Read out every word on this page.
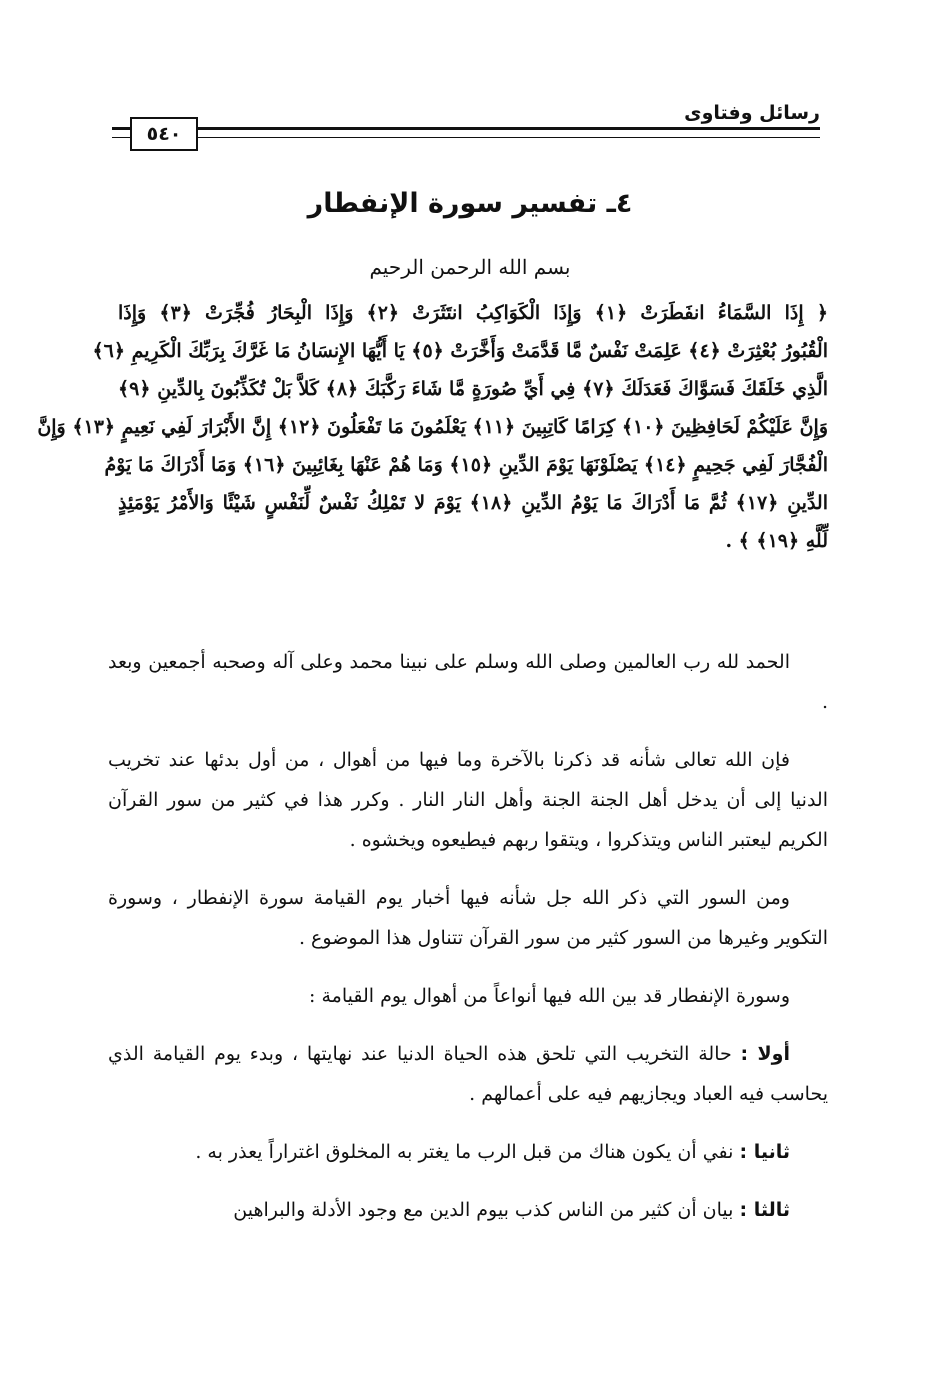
رسائل وفتاوى
٥٤٠
٤ـ تفسير سورة الإنفطار
بسم الله الرحمن الرحيم
﴿ إِذَا السَّمَاءُ انفَطَرَتْ ﴿١﴾ وَإِذَا الْكَوَاكِبُ انتَثَرَتْ ﴿٢﴾ وَإِذَا الْبِحَارُ فُجِّرَتْ ﴿٣﴾ وَإِذَا
الْقُبُورُ بُعْثِرَتْ ﴿٤﴾ عَلِمَتْ نَفْسٌ مَّا قَدَّمَتْ وَأَخَّرَتْ ﴿٥﴾ يَا أَيُّهَا الإِنسَانُ مَا غَرَّكَ بِرَبِّكَ الْكَرِيمِ ﴿٦﴾
الَّذِي خَلَقَكَ فَسَوَّاكَ فَعَدَلَكَ ﴿٧﴾ فِي أَيِّ صُورَةٍ مَّا شَاءَ رَكَّبَكَ ﴿٨﴾ كَلاَّ بَلْ تُكَذِّبُونَ بِالدِّينِ ﴿٩﴾
وَإِنَّ عَلَيْكُمْ لَحَافِظِينَ ﴿١٠﴾ كِرَامًا كَاتِبِينَ ﴿١١﴾ يَعْلَمُونَ مَا تَفْعَلُونَ ﴿١٢﴾ إِنَّ الأَبْرَارَ لَفِي نَعِيمٍ ﴿١٣﴾ وَإِنَّ
الْفُجَّارَ لَفِي جَحِيمٍ ﴿١٤﴾ يَصْلَوْنَهَا يَوْمَ الدِّينِ ﴿١٥﴾ وَمَا هُمْ عَنْهَا بِغَائِبِينَ ﴿١٦﴾ وَمَا أَدْرَاكَ مَا يَوْمُ
الدِّينِ ﴿١٧﴾ ثُمَّ مَا أَدْرَاكَ مَا يَوْمُ الدِّينِ ﴿١٨﴾ يَوْمَ لا تَمْلِكُ نَفْسٌ لِّنَفْسٍ شَيْئًا وَالأَمْرُ يَوْمَئِذٍ
لِّلَّهِ ﴿١٩﴾ ﴾ .

الحمد لله رب العالمين وصلى الله وسلم على نبينا محمد وعلى آله وصحبه أجمعين وبعد .

فإن الله تعالى شأنه قد ذكرنا بالآخرة وما فيها من أهوال ، من أول بدئها عند تخريب الدنيا إلى أن يدخل أهل الجنة الجنة وأهل النار النار . وكرر هذا في كثير من سور القرآن الكريم ليعتبر الناس ويتذكروا ، ويتقوا ربهم فيطيعوه ويخشوه .

ومن السور التي ذكر الله جل شأنه فيها أخبار يوم القيامة سورة الإنفطار ، وسورة التكوير وغيرها من السور كثير من سور القرآن تتناول هذا الموضوع .

وسورة الإنفطار قد بين الله فيها أنواعاً من أهوال يوم القيامة :

أولا : حالة التخريب التي تلحق هذه الحياة الدنيا عند نهايتها ، وبدء يوم القيامة الذي يحاسب فيه العباد ويجازيهم فيه على أعمالهم .

ثانيا : نفي أن يكون هناك من قبل الرب ما يغتر به المخلوق اغتراراً يعذر به .

ثالثا : بيان أن كثير من الناس كذب بيوم الدين مع وجود الأدلة والبراهين
